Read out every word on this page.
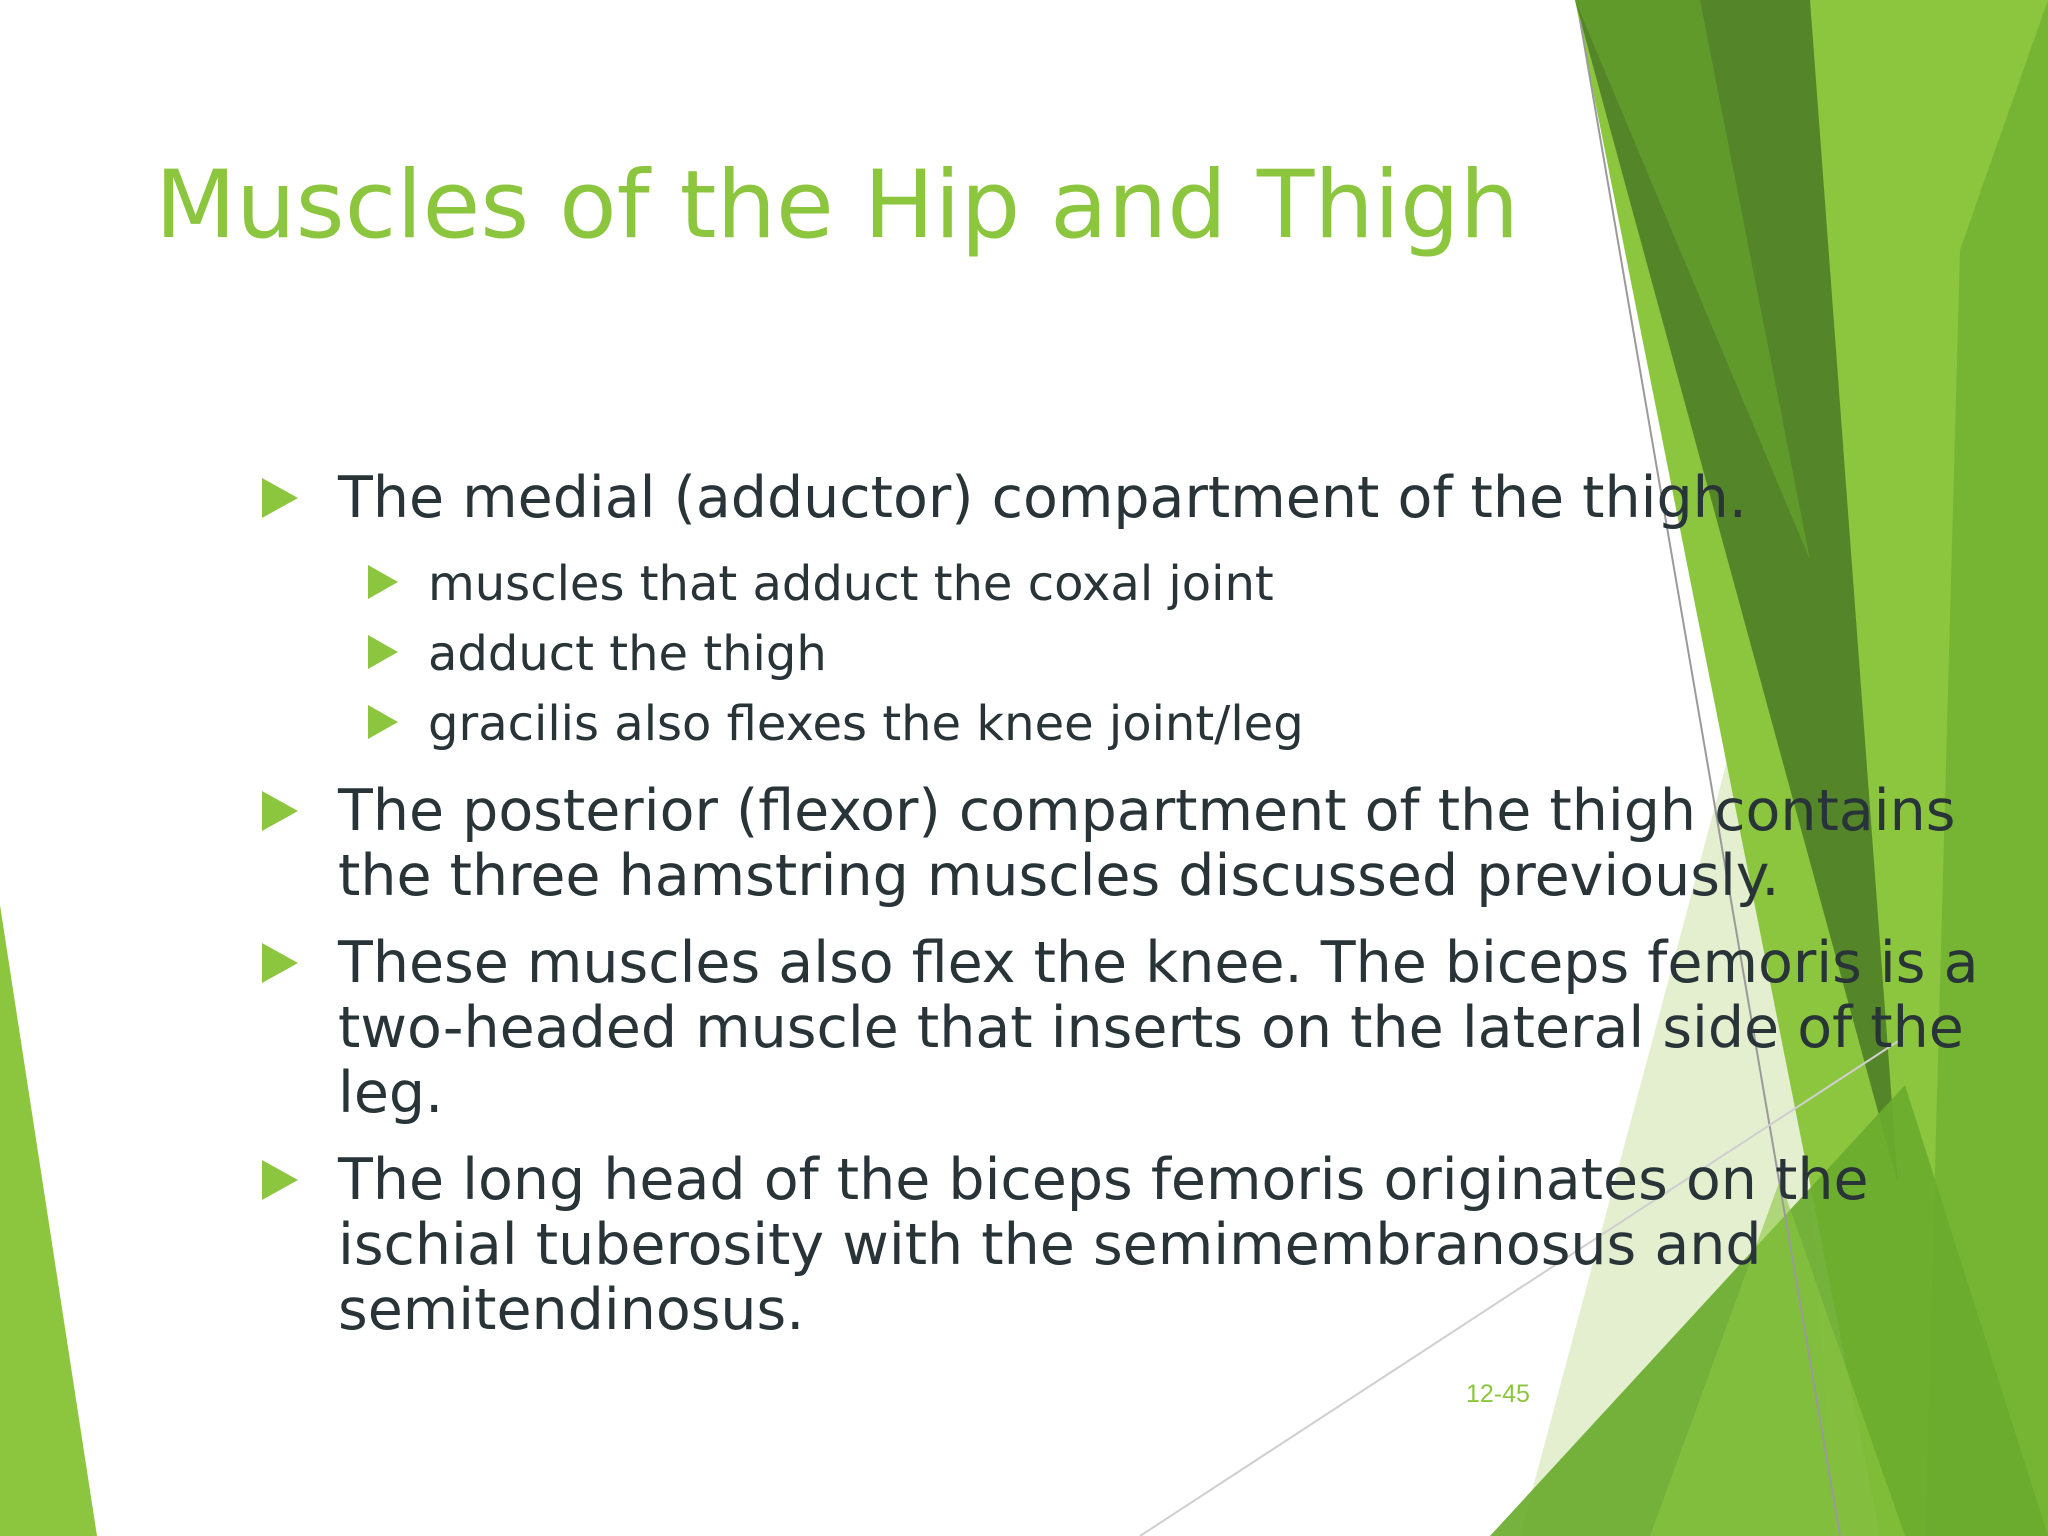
Muscles of the Hip and Thigh
The medial (adductor) compartment of the thigh.
muscles that adduct the coxal joint
adduct the thigh
gracilis also flexes the knee joint/leg
The posterior (flexor) compartment of the thigh contains the three hamstring muscles discussed previously.
These muscles also flex the knee. The biceps femoris is a two-headed muscle that inserts on the lateral side of the leg.
The long head of the biceps femoris originates on the ischial tuberosity with the semimembranosus and semitendinosus.
12-45
